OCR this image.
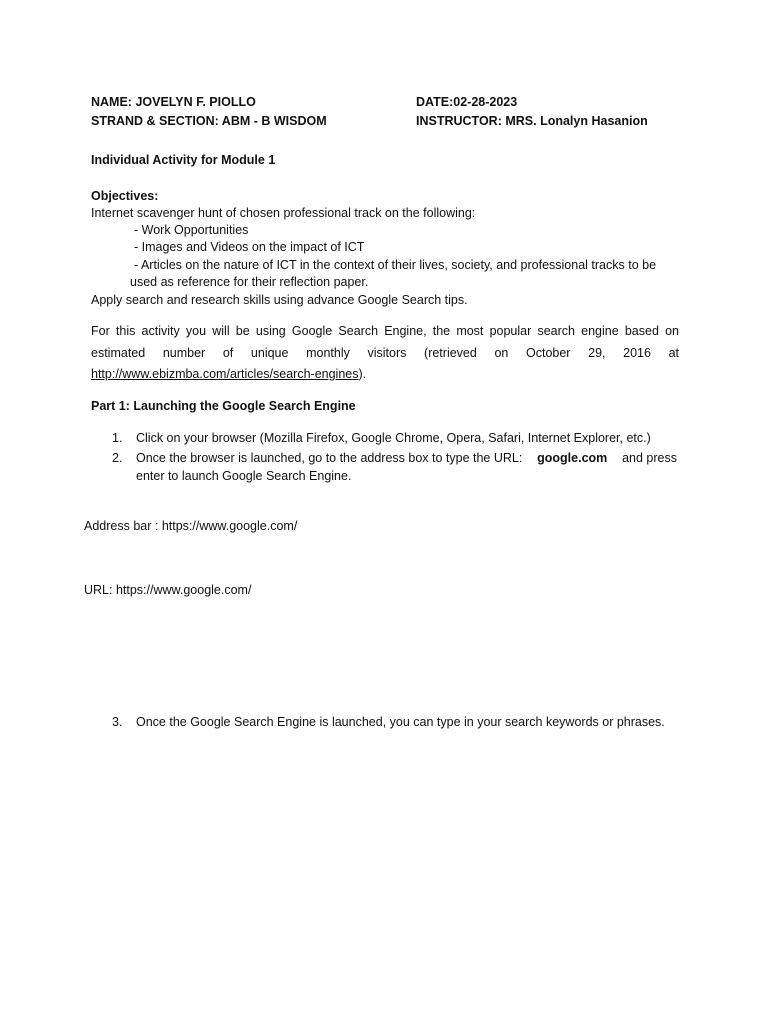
NAME: JOVELYN F. PIOLLO	DATE:02-28-2023
STRAND & SECTION: ABM - B WISDOM	INSTRUCTOR: MRS. Lonalyn Hasanion
Individual Activity for Module 1
Objectives:
Internet scavenger hunt of chosen professional track on the following:
- Work Opportunities
- Images and Videos on the impact of ICT
- Articles on the nature of ICT in the context of their lives, society, and professional tracks to be
used as reference for their reflection paper.
Apply search and research skills using advance Google Search tips.
For this activity you will be using Google Search Engine, the most popular search engine based on
estimated number of unique monthly visitors (retrieved on October 29, 2016 at
http://www.ebizmba.com/articles/search-engines).
Part 1: Launching the Google Search Engine
1. Click on your browser (Mozilla Firefox, Google Chrome, Opera, Safari, Internet Explorer, etc.)
2. Once the browser is launched, go to the address box to type the URL: google.com and press
enter to launch Google Search Engine.
Address bar : https://www.google.com/
URL: https://www.google.com/
3. Once the Google Search Engine is launched, you can type in your search keywords or phrases.
